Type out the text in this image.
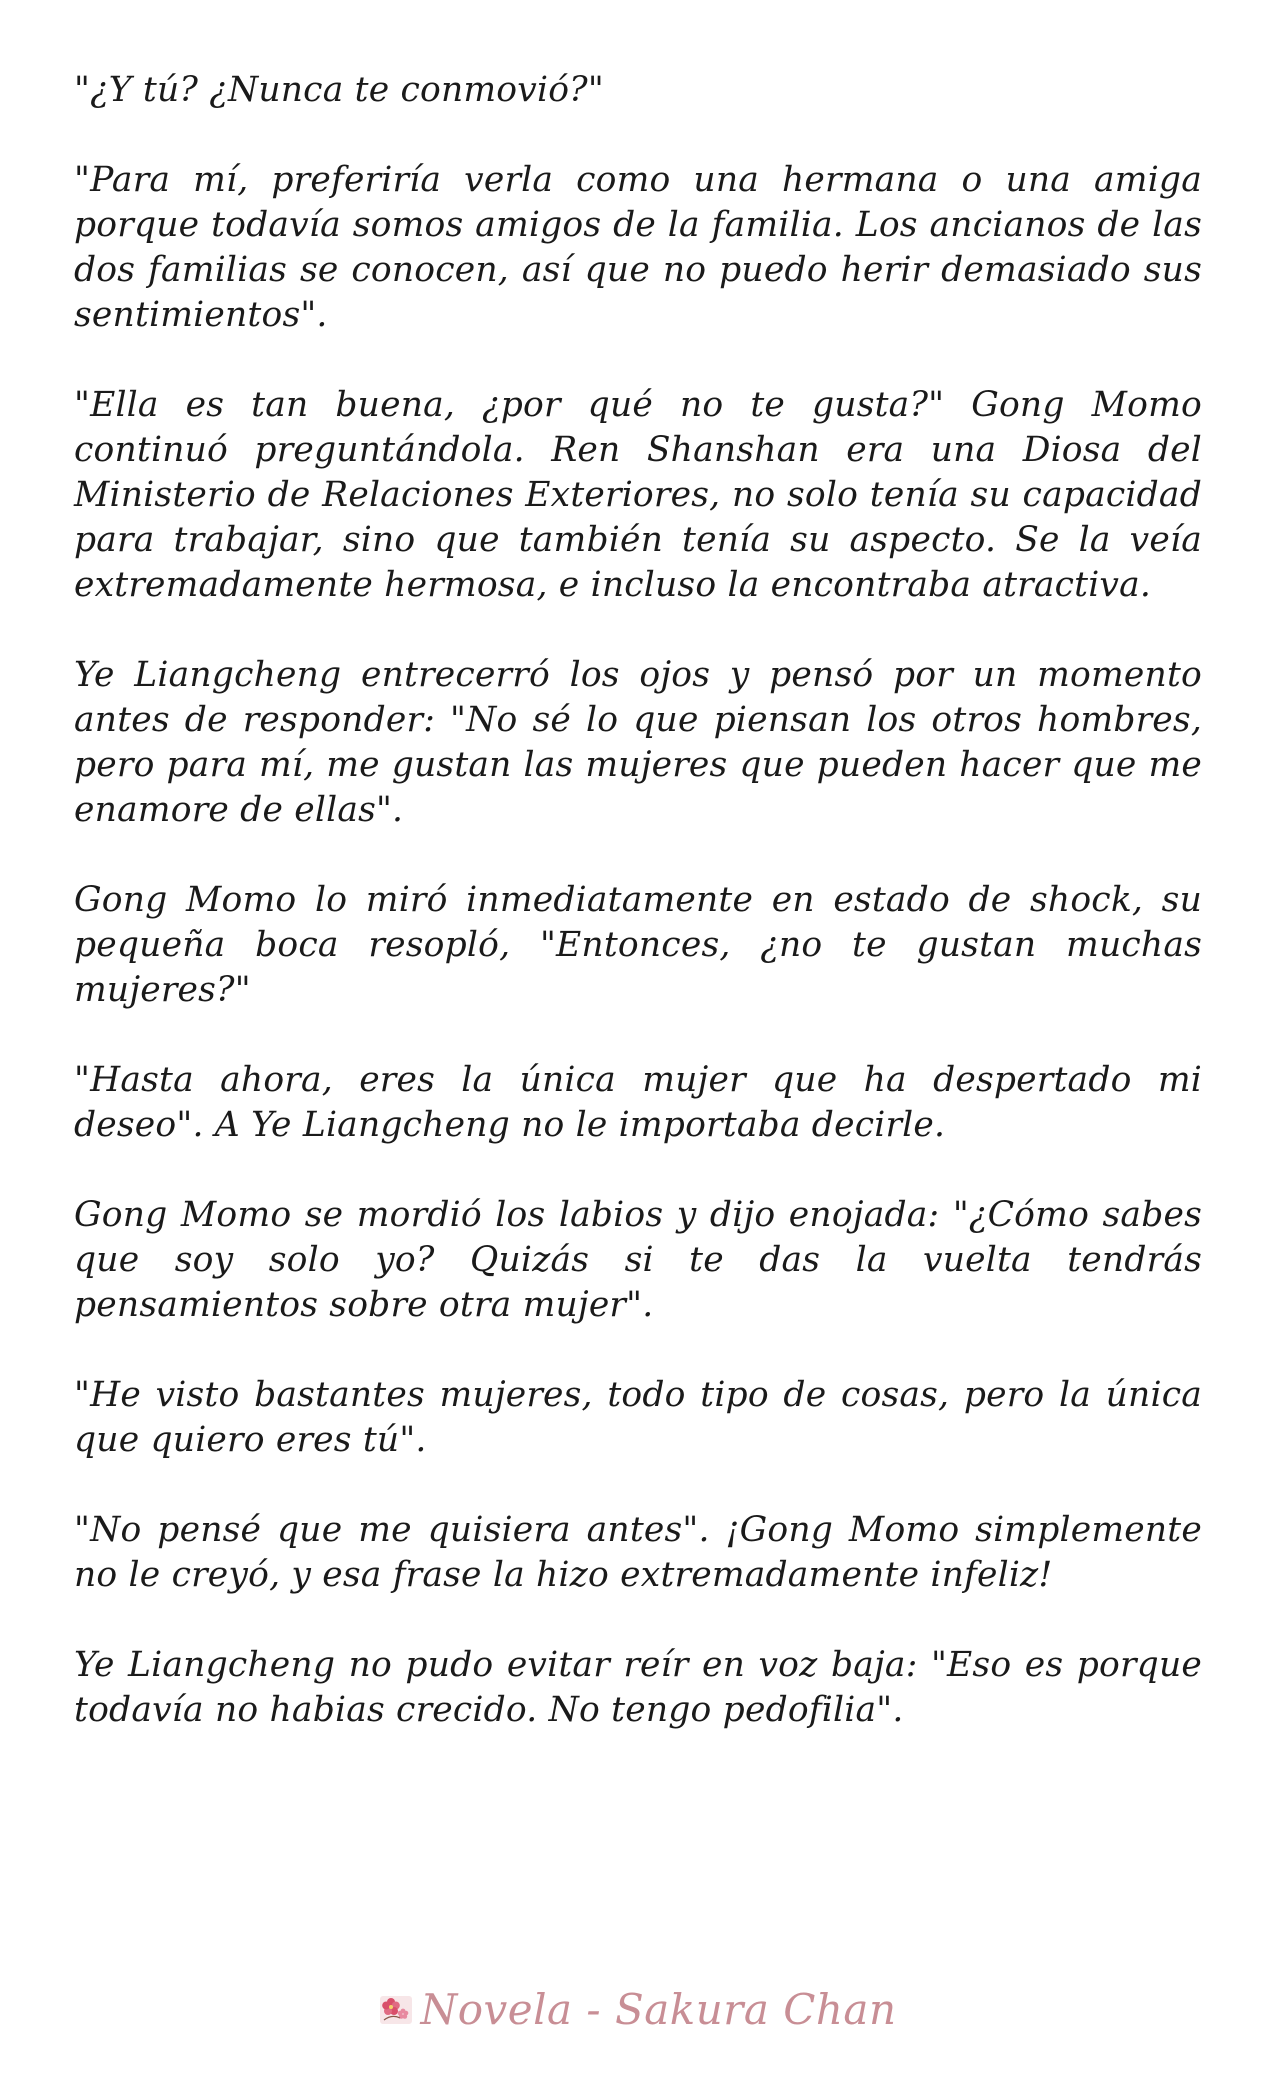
"¿Y tú? ¿Nunca te conmovió?"

"Para mí, preferiría verla como una hermana o una amiga porque todavía somos amigos de la familia. Los ancianos de las dos familias se conocen, así que no puedo herir demasiado sus sentimientos".

"Ella es tan buena, ¿por qué no te gusta?" Gong Momo continuó preguntándola. Ren Shanshan era una Diosa del Ministerio de Relaciones Exteriores, no solo tenía su capacidad para trabajar, sino que también tenía su aspecto. Se la veía extremadamente hermosa, e incluso la encontraba atractiva.

Ye Liangcheng entrecerró los ojos y pensó por un momento antes de responder: "No sé lo que piensan los otros hombres, pero para mí, me gustan las mujeres que pueden hacer que me enamore de ellas".

Gong Momo lo miró inmediatamente en estado de shock, su pequeña boca resopló, "Entonces, ¿no te gustan muchas mujeres?"

"Hasta ahora, eres la única mujer que ha despertado mi deseo". A Ye Liangcheng no le importaba decirle.

Gong Momo se mordió los labios y dijo enojada: "¿Cómo sabes que soy solo yo? Quizás si te das la vuelta tendrás pensamientos sobre otra mujer".

"He visto bastantes mujeres, todo tipo de cosas, pero la única que quiero eres tú".

"No pensé que me quisiera antes". ¡Gong Momo simplemente no le creyó, y esa frase la hizo extremadamente infeliz!

Ye Liangcheng no pudo evitar reír en voz baja: "Eso es porque todavía no habias crecido. No tengo pedofilia".

Novela - Sakura Chan
